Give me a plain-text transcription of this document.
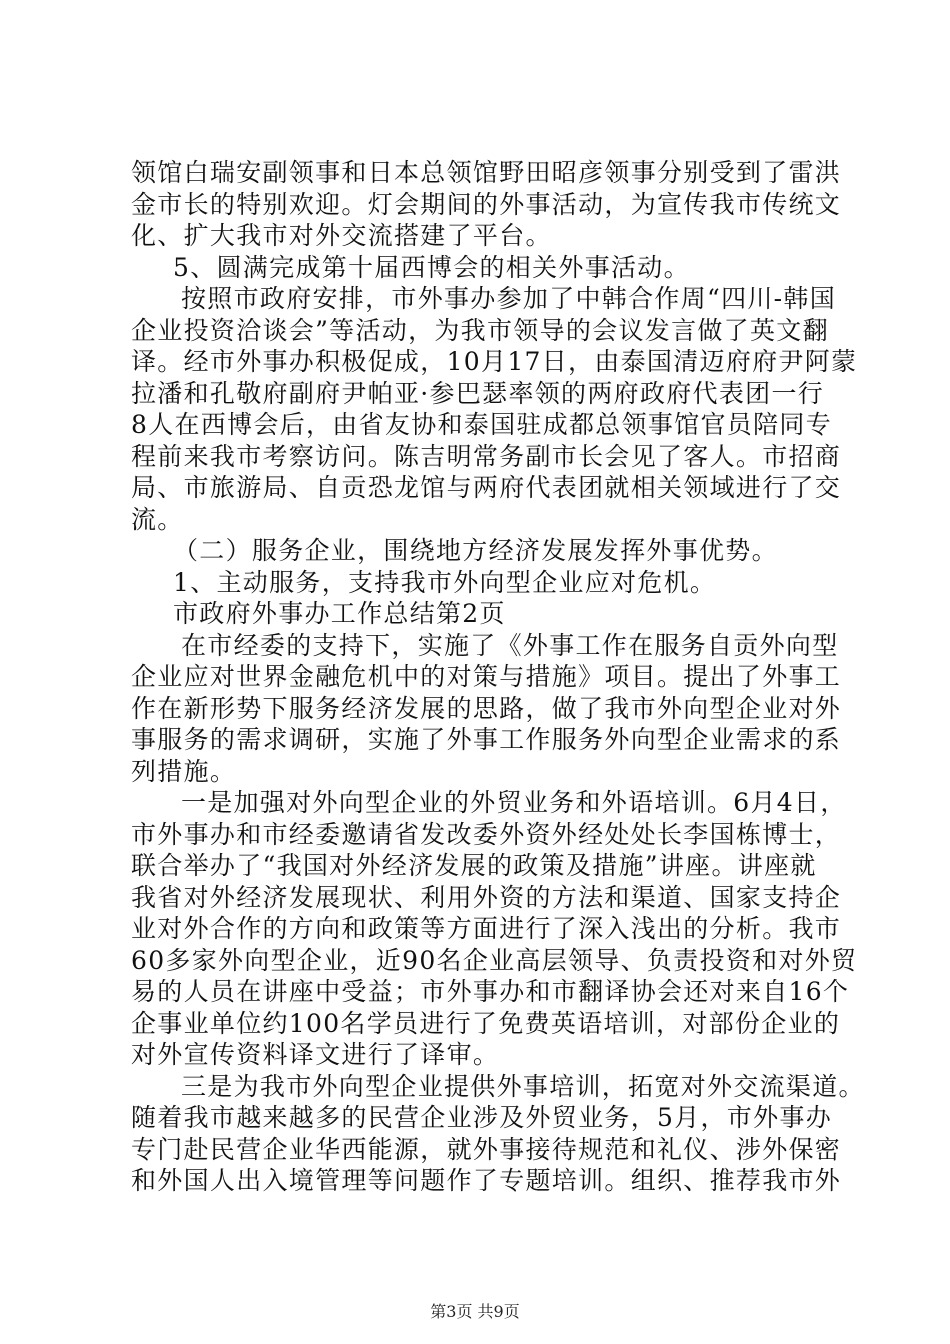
领馆白瑞安副领事和日本总领馆野田昭彦领事分别受到了雷洪
金市长的特别欢迎。灯会期间的外事活动，为宣传我市传统文
化、扩大我市对外交流搭建了平台。
5、圆满完成第十届西博会的相关外事活动。
按照市政府安排，市外事办参加了中韩合作周“四川-韩国
企业投资洽谈会”等活动，为我市领导的会议发言做了英文翻
译。经市外事办积极促成，10月17日，由泰国清迈府府尹阿蒙
拉潘和孔敬府副府尹帕亚·参巴瑟率领的两府政府代表团一行
8人在西博会后，由省友协和泰国驻成都总领事馆官员陪同专
程前来我市考察访问。陈吉明常务副市长会见了客人。市招商
局、市旅游局、自贡恐龙馆与两府代表团就相关领域进行了交
流。
（二）服务企业，围绕地方经济发展发挥外事优势。
1、主动服务，支持我市外向型企业应对危机。
市政府外事办工作总结第2页
在市经委的支持下，实施了《外事工作在服务自贡外向型
企业应对世界金融危机中的对策与措施》项目。提出了外事工
作在新形势下服务经济发展的思路，做了我市外向型企业对外
事服务的需求调研，实施了外事工作服务外向型企业需求的系
列措施。
一是加强对外向型企业的外贸业务和外语培训。6月4日，
市外事办和市经委邀请省发改委外资外经处处长李国栋博士，
联合举办了“我国对外经济发展的政策及措施”讲座。讲座就
我省对外经济发展现状、利用外资的方法和渠道、国家支持企
业对外合作的方向和政策等方面进行了深入浅出的分析。我市
60多家外向型企业，近90名企业高层领导、负责投资和对外贸
易的人员在讲座中受益；市外事办和市翻译协会还对来自16个
企事业单位约100名学员进行了免费英语培训，对部份企业的
对外宣传资料译文进行了译审。
三是为我市外向型企业提供外事培训，拓宽对外交流渠道。
随着我市越来越多的民营企业涉及外贸业务，5月，市外事办
专门赴民营企业华西能源，就外事接待规范和礼仪、涉外保密
和外国人出入境管理等问题作了专题培训。组织、推荐我市外
第3页 共9页
